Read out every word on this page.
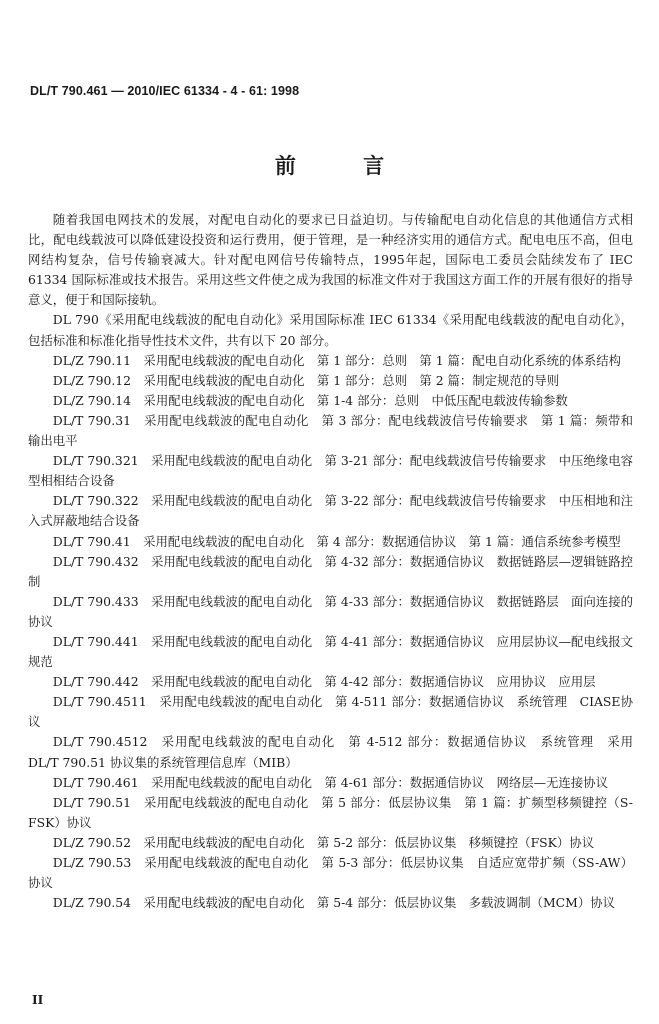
DL/T 790.461 — 2010/IEC 61334 - 4 - 61: 1998
前 言

随着我国电网技术的发展，对配电自动化的要求已日益迫切。与传输配电自动化信息的其他通信方式相比，配电线载波可以降低建设投资和运行费用，便于管理，是一种经济实用的通信方式。配电电压不高，但电网结构复杂，信号传输衰减大。针对配电网信号传输特点，1995年起，国际电工委员会陆续发布了 IEC 61334 国际标准或技术报告。采用这些文件使之成为我国的标准文件对于我国这方面工作的开展有很好的指导意义，便于和国际接轨。

DL 790《采用配电线载波的配电自动化》采用国际标准 IEC 61334《采用配电线载波的配电自动化》，包括标准和标准化指导性技术文件，共有以下 20 部分。

DL/Z 790.11　采用配电线载波的配电自动化　第 1 部分：总则　第 1 篇：配电自动化系统的体系结构

DL/Z 790.12　采用配电线载波的配电自动化　第 1 部分：总则　第 2 篇：制定规范的导则

DL/Z 790.14　采用配电线载波的配电自动化　第 1-4 部分：总则　中低压配电载波传输参数

DL/T 790.31　采用配电线载波的配电自动化　第 3 部分：配电线载波信号传输要求　第 1 篇：频带和输出电平

DL/T 790.321　采用配电线载波的配电自动化　第 3-21 部分：配电线载波信号传输要求　中压绝缘电容型相相结合设备

DL/T 790.322　采用配电线载波的配电自动化　第 3-22 部分：配电线载波信号传输要求　中压相地和注入式屏蔽地结合设备

DL/T 790.41　采用配电线载波的配电自动化　第 4 部分：数据通信协议　第 1 篇：通信系统参考模型

DL/T 790.432　采用配电线载波的配电自动化　第 4-32 部分：数据通信协议　数据链路层—逻辑链路控制

DL/T 790.433　采用配电线载波的配电自动化　第 4-33 部分：数据通信协议　数据链路层　面向连接的协议

DL/T 790.441　采用配电线载波的配电自动化　第 4-41 部分：数据通信协议　应用层协议—配电线报文规范

DL/T 790.442　采用配电线载波的配电自动化　第 4-42 部分：数据通信协议　应用协议　应用层

DL/T 790.4511　采用配电线载波的配电自动化　第 4-511 部分：数据通信协议　系统管理　CIASE协议

DL/T 790.4512　采用配电线载波的配电自动化　第 4-512 部分：数据通信协议　系统管理　采用 DL/T 790.51 协议集的系统管理信息库（MIB）

DL/T 790.461　采用配电线载波的配电自动化　第 4-61 部分：数据通信协议　网络层—无连接协议

DL/T 790.51　采用配电线载波的配电自动化　第 5 部分：低层协议集　第 1 篇：扩频型移频键控（S-FSK）协议

DL/Z 790.52　采用配电线载波的配电自动化　第 5-2 部分：低层协议集　移频键控（FSK）协议

DL/Z 790.53　采用配电线载波的配电自动化　第 5-3 部分：低层协议集　自适应宽带扩频（SS-AW）协议

DL/Z 790.54　采用配电线载波的配电自动化　第 5-4 部分：低层协议集　多载波调制（MCM）协议

II
